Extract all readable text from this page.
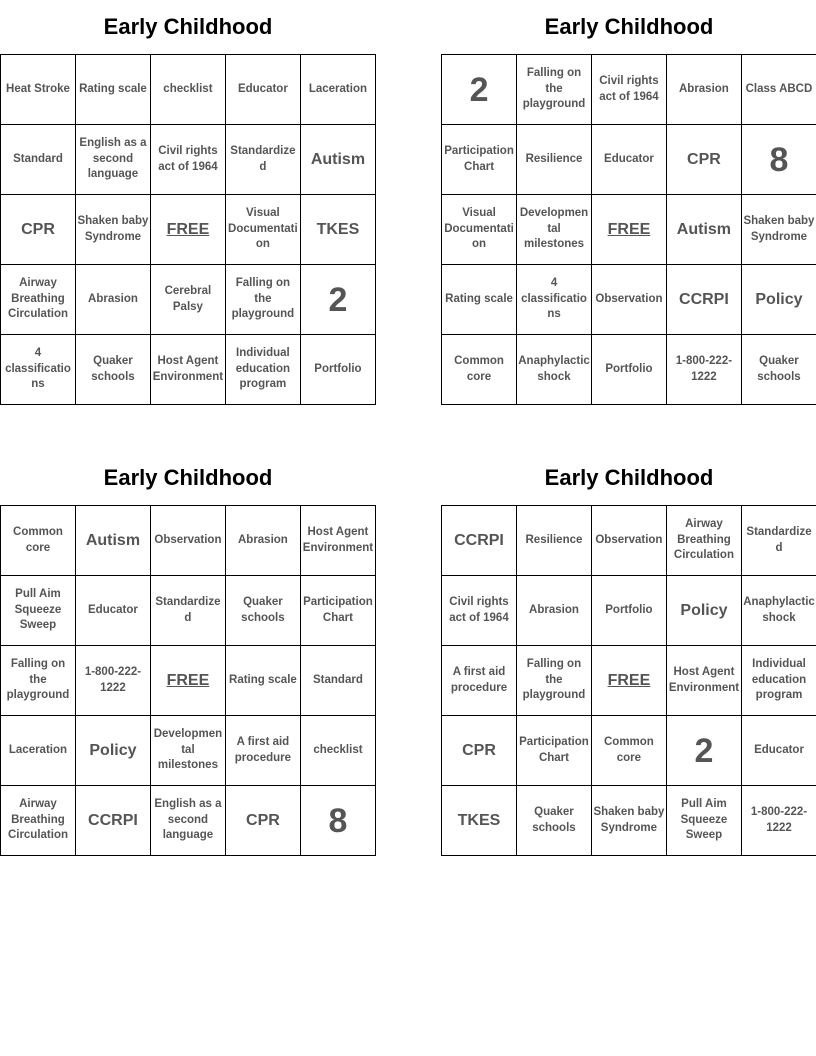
Early Childhood
Heat Stroke	Rating scale	checklist	Educator	Laceration
Standard	English as a second language	Civil rights act of 1964	Standardized	Autism
CPR	Shaken baby Syndrome	FREE	Visual Documentation	TKES
Airway Breathing Circulation	Abrasion	Cerebral Palsy	Falling on the playground	2
4 classifications	Quaker schools	Host Agent Environment	Individual education program	Portfolio
Early Childhood
2	Falling on the playground	Civil rights act of 1964	Abrasion	Class ABCD
Participation Chart	Resilience	Educator	CPR	8
Visual Documentation	Developmental milestones	FREE	Autism	Shaken baby Syndrome
Rating scale	4 classifications	Observation	CCRPI	Policy
Common core	Anaphylactic shock	Portfolio	1-800-222-1222	Quaker schools
Early Childhood
Common core	Autism	Observation	Abrasion	Host Agent Environment
Pull Aim Squeeze Sweep	Educator	Standardized	Quaker schools	Participation Chart
Falling on the playground	1-800-222-1222	FREE	Rating scale	Standard
Laceration	Policy	Developmental milestones	A first aid procedure	checklist
Airway Breathing Circulation	CCRPI	English as a second language	CPR	8
Early Childhood
CCRPI	Resilience	Observation	Airway Breathing Circulation	Standardized
Civil rights act of 1964	Abrasion	Portfolio	Policy	Anaphylactic shock
A first aid procedure	Falling on the playground	FREE	Host Agent Environment	Individual education program
CPR	Participation Chart	Common core	2	Educator
TKES	Quaker schools	Shaken baby Syndrome	Pull Aim Squeeze Sweep	1-800-222-1222
